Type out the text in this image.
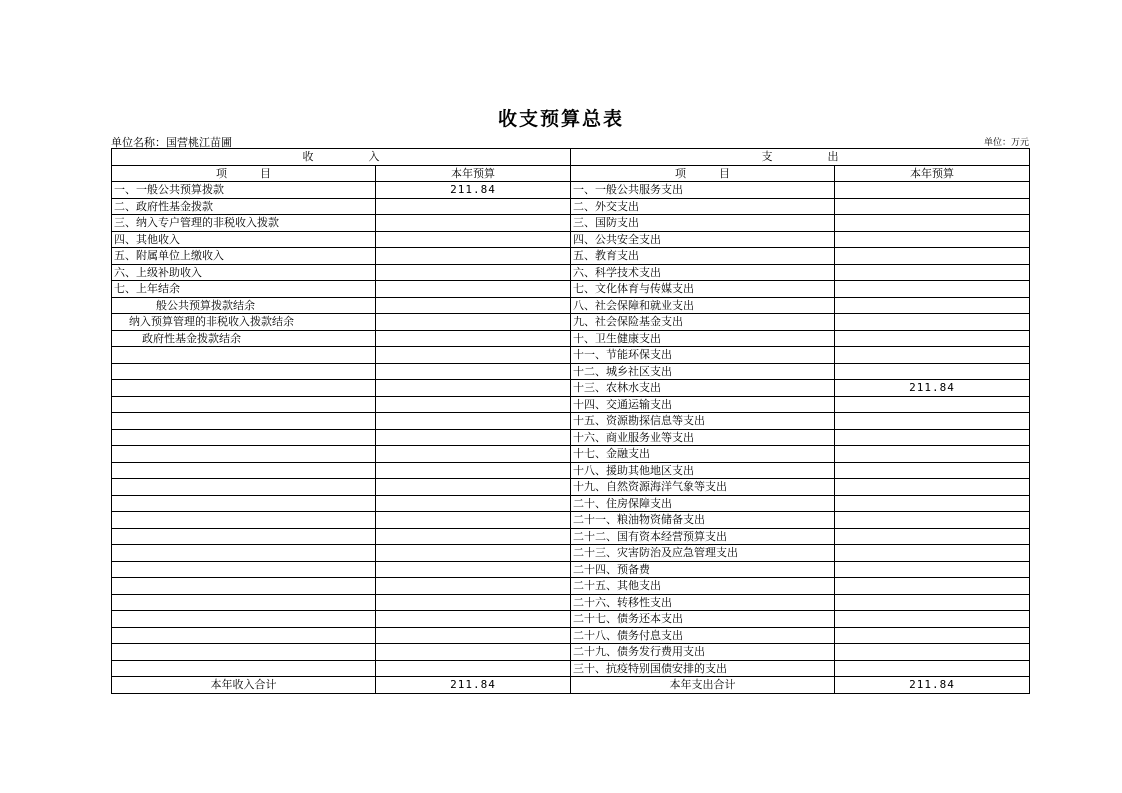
收支预算总表
单位名称：国营桃江苗圃	单位：万元
收　　　　　入		支　　　　　出	
项　　　目	本年预算	项　　　目	本年预算
一、一般公共预算拨款	211.84	一、一般公共服务支出	
二、政府性基金拨款		二、外交支出	
三、纳入专户管理的非税收入拨款		三、国防支出	
四、其他收入		四、公共安全支出	
五、附属单位上缴收入		五、教育支出	
六、上级补助收入		六、科学技术支出	
七、上年结余		七、文化体育与传媒支出	
般公共预算拨款结余		八、社会保障和就业支出	
纳入预算管理的非税收入拨款结余		九、社会保险基金支出	
政府性基金拨款结余		十、卫生健康支出	
		十一、节能环保支出	
		十二、城乡社区支出	
		十三、农林水支出	211.84
		十四、交通运输支出	
		十五、资源勘探信息等支出	
		十六、商业服务业等支出	
		十七、金融支出	
		十八、援助其他地区支出	
		十九、自然资源海洋气象等支出	
		二十、住房保障支出	
		二十一、粮油物资储备支出	
		二十二、国有资本经营预算支出	
		二十三、灾害防治及应急管理支出	
		二十四、预备费	
		二十五、其他支出	
		二十六、转移性支出	
		二十七、债务还本支出	
		二十八、债务付息支出	
		二十九、债务发行费用支出	
		三十、抗疫特别国债安排的支出	
本年收入合计	211.84	本年支出合计	211.84
